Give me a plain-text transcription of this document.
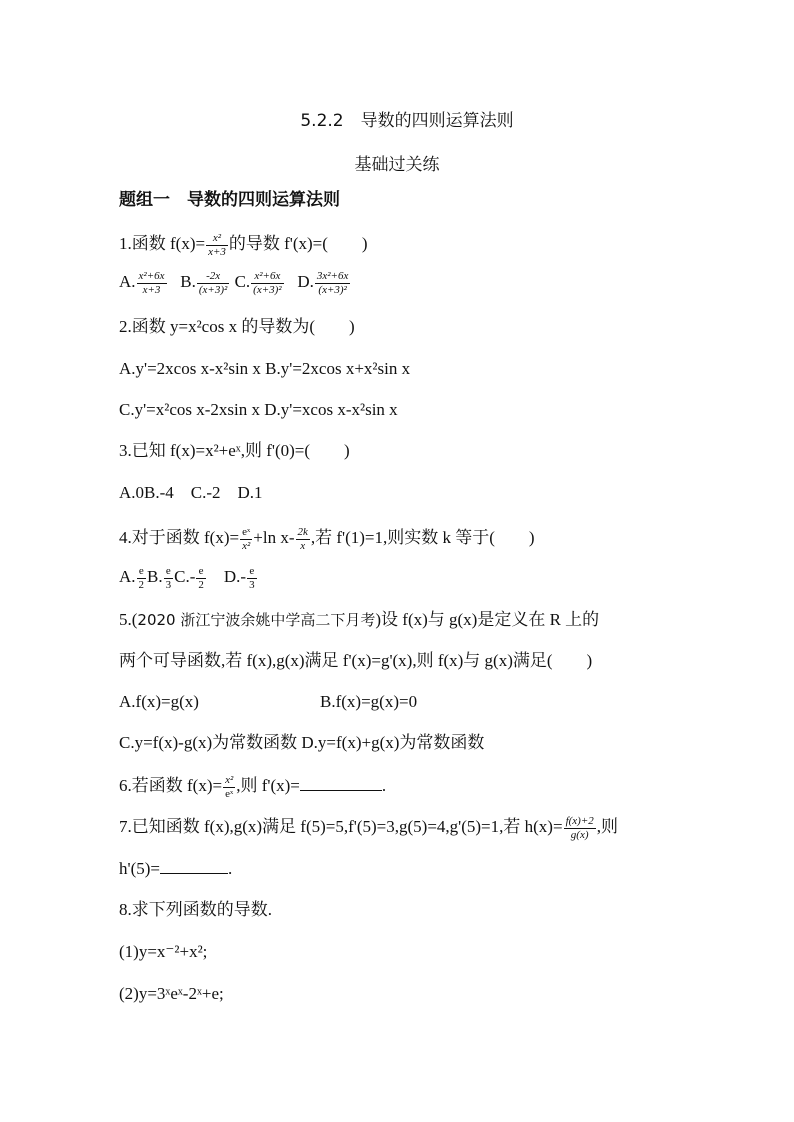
5.2.2　导数的四则运算法则
基础过关练
题组一　导数的四则运算法则
1.函数 $f(x)= \frac{\text{x²}}{x+3}$ 的导数 f'(x)=(　　)
A. $\frac{\text{x²+6x}}{x+3} B$. $\frac{-2x}{\text{(x+3)²}} C$. $\frac{\text{x²+6x}}{\text{(x+3)²}} D$. $\frac{\text{3x²+6x}}{\text{(x+3)²}}$
2.函数 y=x²cos x 的导数为(　　)
A.y'=2xcos x-x²sin x B.y'=2xcos x+x²sin x
C.y'=x²cos x-2xsin x D.y'=xcos x-x²sin x
3.已知 f(x)=x²+eˣ,则 f'(0)=(　　)
A.0B.-4　C.-2　D.1
4.对于函数 $f(x)= \frac{\text{eˣ}}{\text{x²}} +\ln$ $x- \frac{2k}{x}$ ,若 f'(1)=1,则实数 k 等于(　　)
A. $\frac{e}{2} B$. $\frac{e}{3} C.- \frac{e}{2} D.- \frac{e}{3}$
5.(2020 浙江宁波余姚中学高二下月考)设 f(x)与 g(x)是定义在 R 上的
两个可导函数,若 f(x),g(x)满足 f'(x)=g'(x),则 f(x)与 g(x)满足(　　)
A.f(x)=g(x)	B.f(x)=g(x)=0
C.y=f(x)-g(x)为常数函数 D.y=f(x)+g(x)为常数函数
6.若函数 $f(x)= \frac{\text{x²}}{\text{eˣ}}$ ,则 f'(x)=	.
7.已知函数 f(x),g(x)满足 f(5)=5,f'(5)=3,g(5)=4,g'(5)=1,若 $h(x)= \frac{f(x)+2}{g(x)}$ ,则
h'(5)=	.
8.求下列函数的导数.
(1)y=x⁻²+x²;
(2)y=3ˣeˣ-2ˣ+e;
